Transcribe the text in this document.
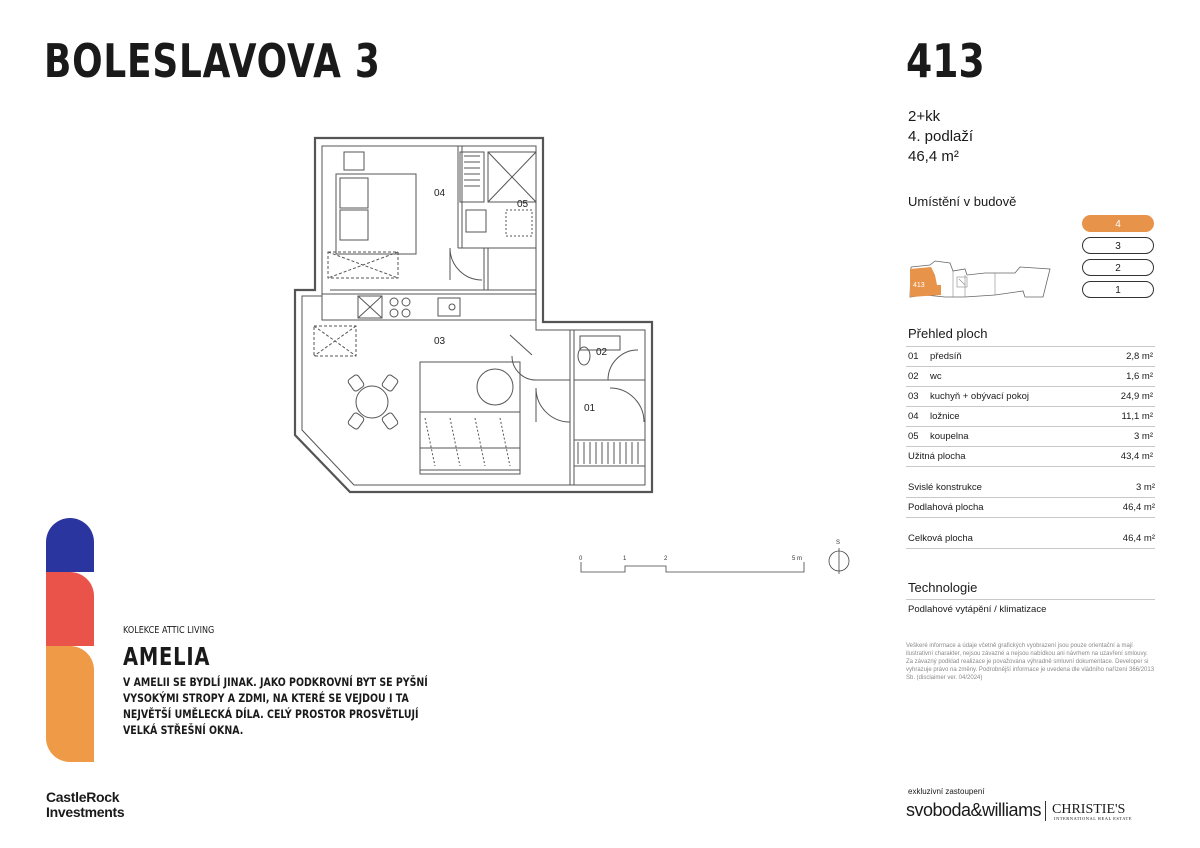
BOLESLAVOVA 3	413
2+kk
4. podlaží
46,4 m²
Umístění v budově
4
3
2
1
413
Přehled ploch
01	předsíň	2,8 m²
02	wc	1,6 m²
03	kuchyň + obývací pokoj	24,9 m²
04	ložnice	11,1 m²
05	koupelna	3 m²
Užitná plocha		43,4 m²
Svislé konstrukce	3 m²
Podlahová plocha	46,4 m²
Celková plocha	46,4 m²
Technologie
Podlahové vytápění / klimatizace
Veškeré informace a údaje včetně grafických vyobrazení jsou pouze orientační a mají ilustrativní charakter, nejsou závazné a nejsou nabídkou ani návrhem na uzavření smlouvy. Za závazný podklad realizace je považována výhradně smluvní dokumentace. Developer si vyhrazuje právo na změny. Podrobnější informace je uvedena dle vládního nařízení 366/2013 Sb. (disclaimer ver. 04/2024)
04
05
03
02
01
0	1	2	5 m
S
KOLEKCE ATTIC LIVING
AMELIA
V AMELII SE BYDLÍ JINAK. JAKO PODKROVNÍ BYT SE PYŠNÍ VYSOKÝMI STROPY A ZDMI, NA KTERÉ SE VEJDOU I TA NEJVĚTŠÍ UMĚLECKÁ DÍLA. CELÝ PROSTOR PROSVĚTLUJÍ VELKÁ STŘEŠNÍ OKNA.
CastleRock
Investments
exkluzivní zastoupení
svoboda&williams CHRISTIE'S
INTERNATIONAL REAL ESTATE
